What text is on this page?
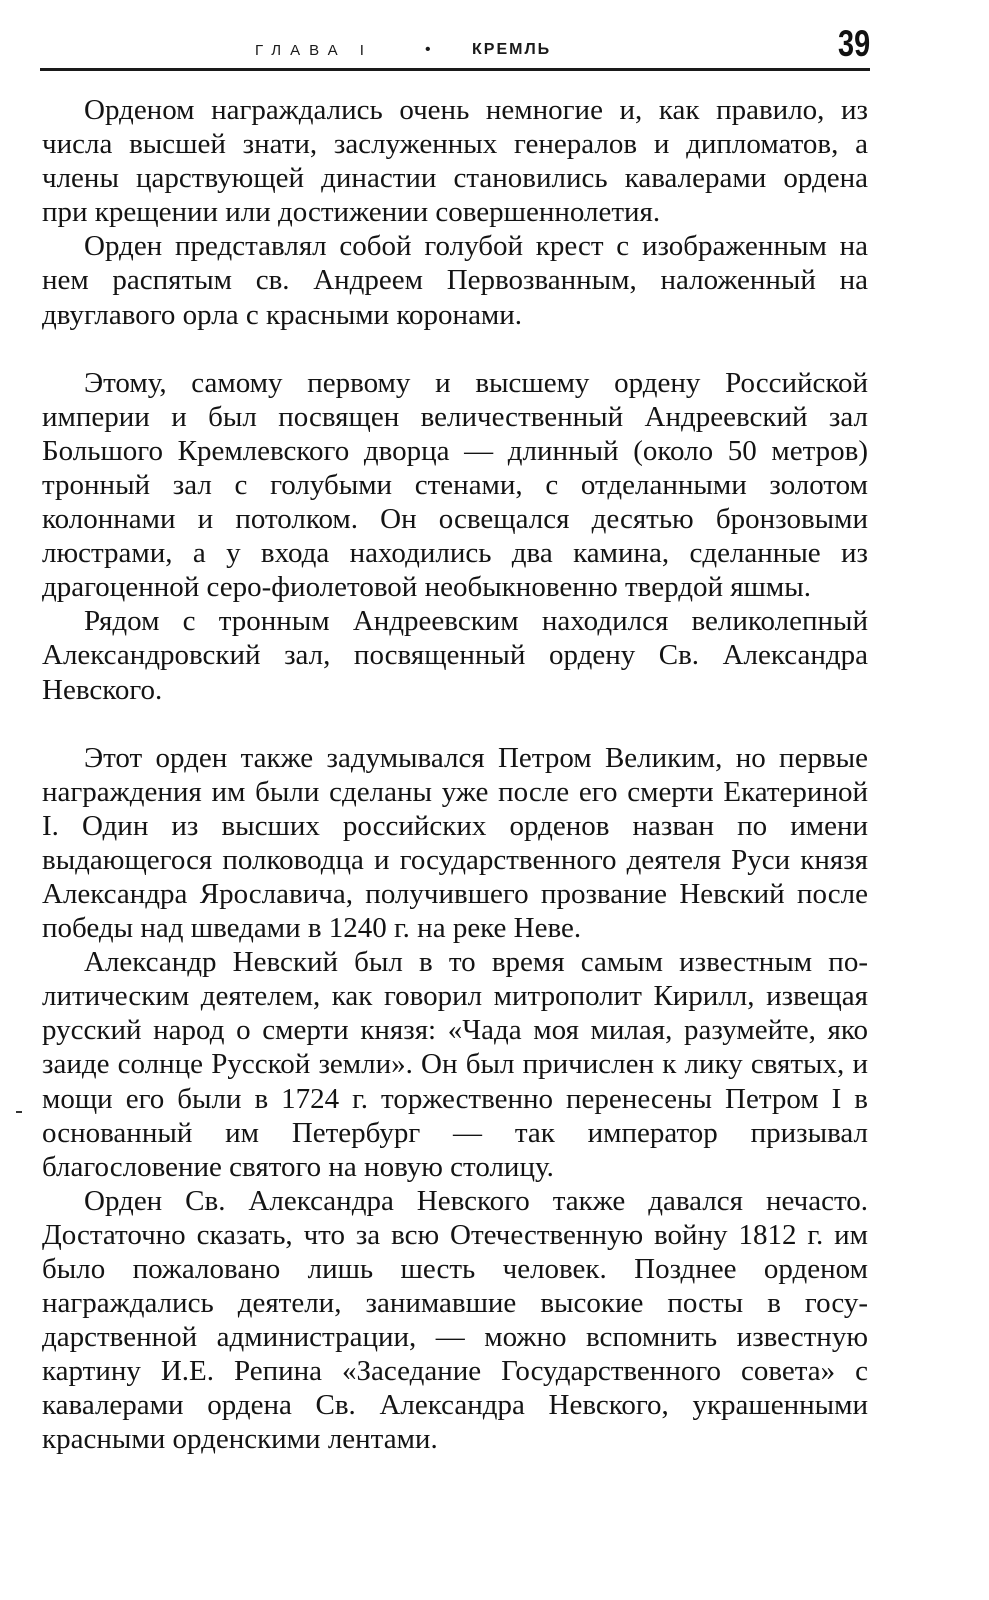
ГЛАВА I	•	КРЕМЛЬ	39

Орденом награждались очень немногие и, как правило, из числа высшей знати, заслуженных генералов и дипломатов, а члены царствующей династии становились кавалерами ордена при крещении или достижении совершеннолетия.

Орден представлял собой голубой крест с изображенным на нем распятым св. Андреем Первозванным, наложенный на двуглавого орла с красными коронами.

Этому, самому первому и высшему ордену Российской империи и был посвящен величественный Андреевский зал Большого Кремлевского дворца — длинный (около 50 метров) тронный зал с голубыми стенами, с отделанными золотом колоннами и потолком. Он освещался десятью бронзовыми люстрами, а у входа находились два камина, сделанные из драгоценной серо-фиолетовой необыкновенно твердой яшмы.

Рядом с тронным Андреевским находился великолепный Александровский зал, посвященный ордену Св. Александра Невского.

Этот орден также задумывался Петром Великим, но первые награждения им были сделаны уже после его смерти Екатериной I. Один из высших российских орденов назван по имени выдающегося полководца и государственного деятеля Руси князя Александра Ярославича, получившего прозвание Невский после победы над шведами в 1240 г. на реке Неве.

Александр Невский был в то время самым известным политическим деятелем, как говорил митрополит Кирилл, извещая русский народ о смерти князя: «Чада моя милая, разумейте, яко заиде солнце Русской земли». Он был причислен к лику святых, и мощи его были в 1724 г. торжественно перенесены Петром I в основанный им Петербург — так император призывал благословение святого на новую столицу.

Орден Св. Александра Невского также давался нечасто. Достаточно сказать, что за всю Отечественную войну 1812 г. им было пожаловано лишь шесть человек. Позднее орденом награждались деятели, занимавшие высокие посты в государственной администрации, — можно вспомнить известную картину И.Е. Репина «Заседание Государственного совета» с кавалерами ордена Св. Александра Невского, украшенными красными орденскими лентами.
